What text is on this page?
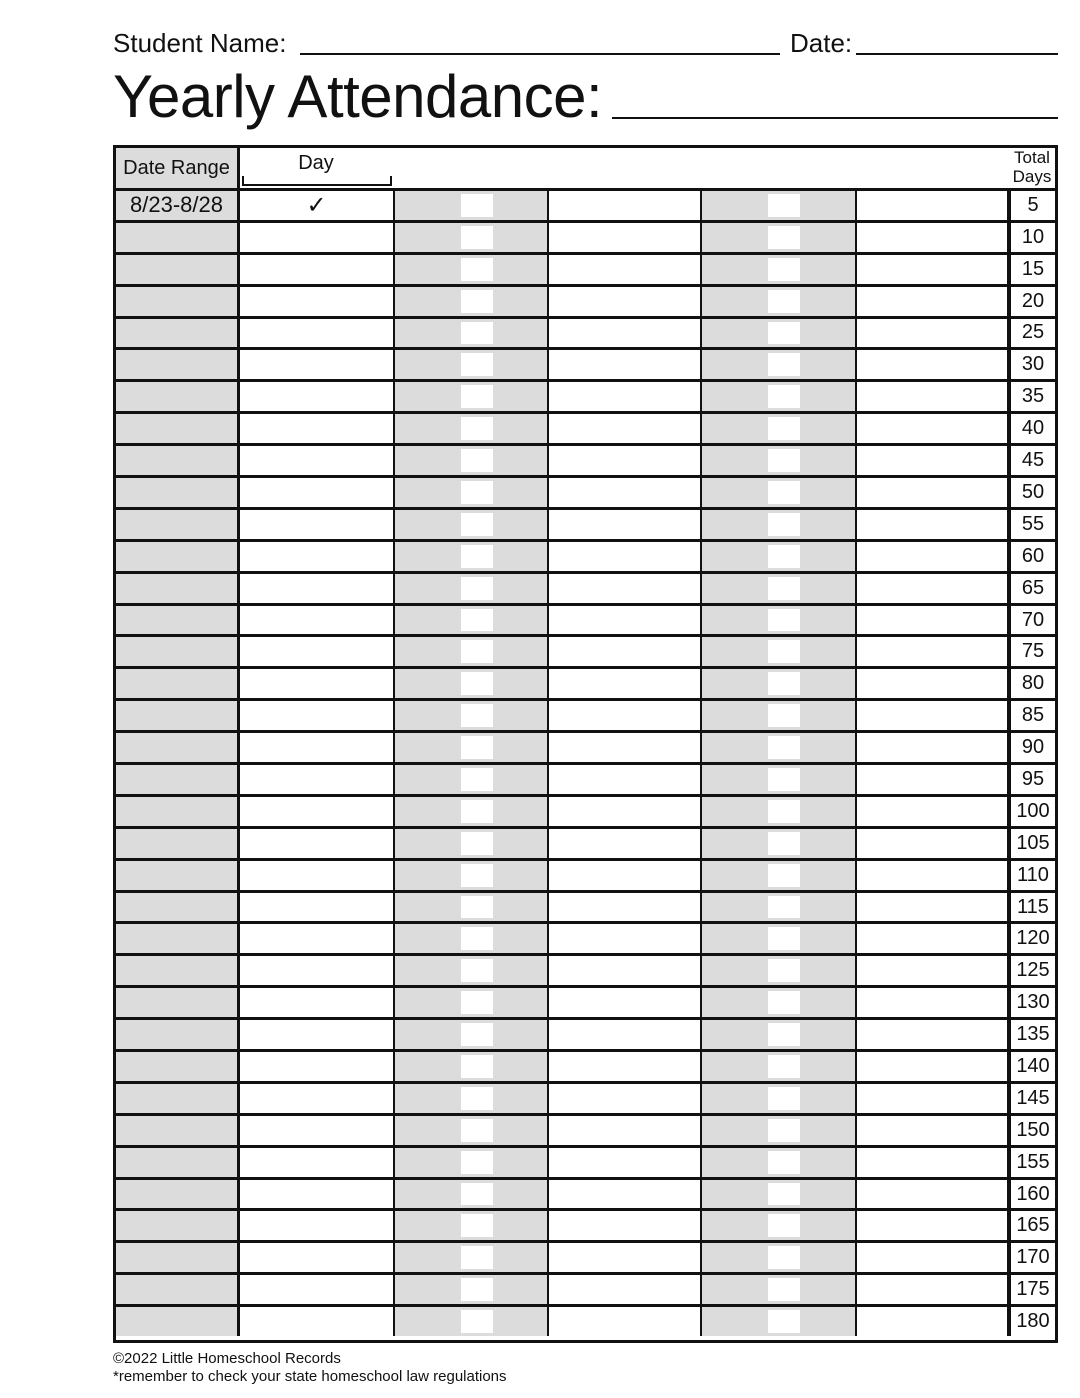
Student Name:	Date:
Yearly Attendance:
Date Range	Day	Total
Days
8/23-8/28	✓	5
10
15
20
25
30
35
40
45
50
55
60
65
70
75
80
85
90
95
100
105
110
115
120
125
130
135
140
145
150
155
160
165
170
175
180
©2022 Little Homeschool Records
*remember to check your state homeschool law regulations
